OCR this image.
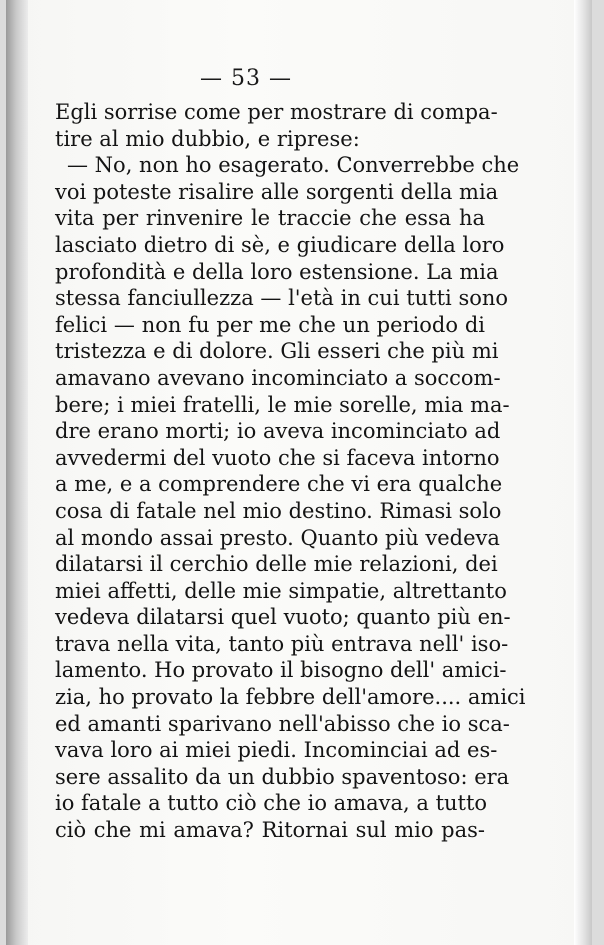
— 53 —
Egli sorrise come per mostrare di compa-
tire al mio dubbio, e riprese:
— No, non ho esagerato. Converrebbe che
voi poteste risalire alle sorgenti della mia
vita per rinvenire le traccie che essa ha
lasciato dietro di sè, e giudicare della loro
profondità e della loro estensione. La mia
stessa fanciullezza — l'età in cui tutti sono
felici — non fu per me che un periodo di
tristezza e di dolore. Gli esseri che più mi
amavano avevano incominciato a soccom-
bere; i miei fratelli, le mie sorelle, mia ma-
dre erano morti; io aveva incominciato ad
avvedermi del vuoto che si faceva intorno
a me, e a comprendere che vi era qualche
cosa di fatale nel mio destino. Rimasi solo
al mondo assai presto. Quanto più vedeva
dilatarsi il cerchio delle mie relazioni, dei
miei affetti, delle mie simpatie, altrettanto
vedeva dilatarsi quel vuoto; quanto più en-
trava nella vita, tanto più entrava nell' iso-
lamento. Ho provato il bisogno dell' amici-
zia, ho provato la febbre dell'amore.... amici
ed amanti sparivano nell'abisso che io sca-
vava loro ai miei piedi. Incominciai ad es-
sere assalito da un dubbio spaventoso: era
io fatale a tutto ciò che io amava, a tutto
ciò che mi amava? Ritornai sul mio pas-
